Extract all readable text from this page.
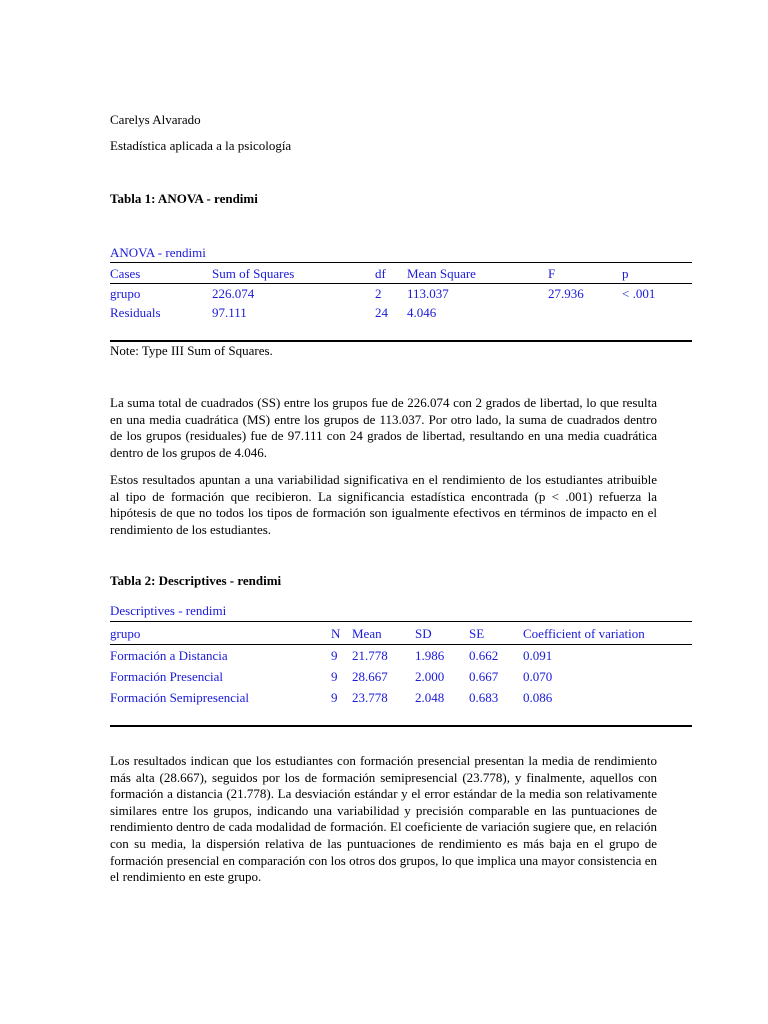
Carelys Alvarado
Estadística aplicada a la psicología
Tabla 1: ANOVA - rendimi
ANOVA - rendimi
Cases	Sum of Squares	df Mean Square	F	p
grupo	226.074	2 113.037	27.936	< .001
Residuals	97.111	24 4.046
Note: Type III Sum of Squares.
La suma total de cuadrados (SS) entre los grupos fue de 226.074 con 2 grados de libertad, lo que resulta en una media cuadrática (MS) entre los grupos de 113.037. Por otro lado, la suma de cuadrados dentro de los grupos (residuales) fue de 97.111 con 24 grados de libertad, resultando en una media cuadrática dentro de los grupos de 4.046.
Estos resultados apuntan a una variabilidad significativa en el rendimiento de los estudiantes atribuible al tipo de formación que recibieron. La significancia estadística encontrada (p < .001) refuerza la hipótesis de que no todos los tipos de formación son igualmente efectivos en términos de impacto en el rendimiento de los estudiantes.
Tabla 2: Descriptives - rendimi
Descriptives - rendimi
grupo	N Mean	SD	SE	Coefficient of variation
Formación a Distancia	9 21.778 1.986 0.662 0.091
Formación Presencial	9 28.667 2.000 0.667 0.070
Formación Semipresencial	9 23.778 2.048 0.683 0.086
Los resultados indican que los estudiantes con formación presencial presentan la media de rendimiento más alta (28.667), seguidos por los de formación semipresencial (23.778), y finalmente, aquellos con formación a distancia (21.778). La desviación estándar y el error estándar de la media son relativamente similares entre los grupos, indicando una variabilidad y precisión comparable en las puntuaciones de rendimiento dentro de cada modalidad de formación. El coeficiente de variación sugiere que, en relación con su media, la dispersión relativa de las puntuaciones de rendimiento es más baja en el grupo de formación presencial en comparación con los otros dos grupos, lo que implica una mayor consistencia en el rendimiento en este grupo.
